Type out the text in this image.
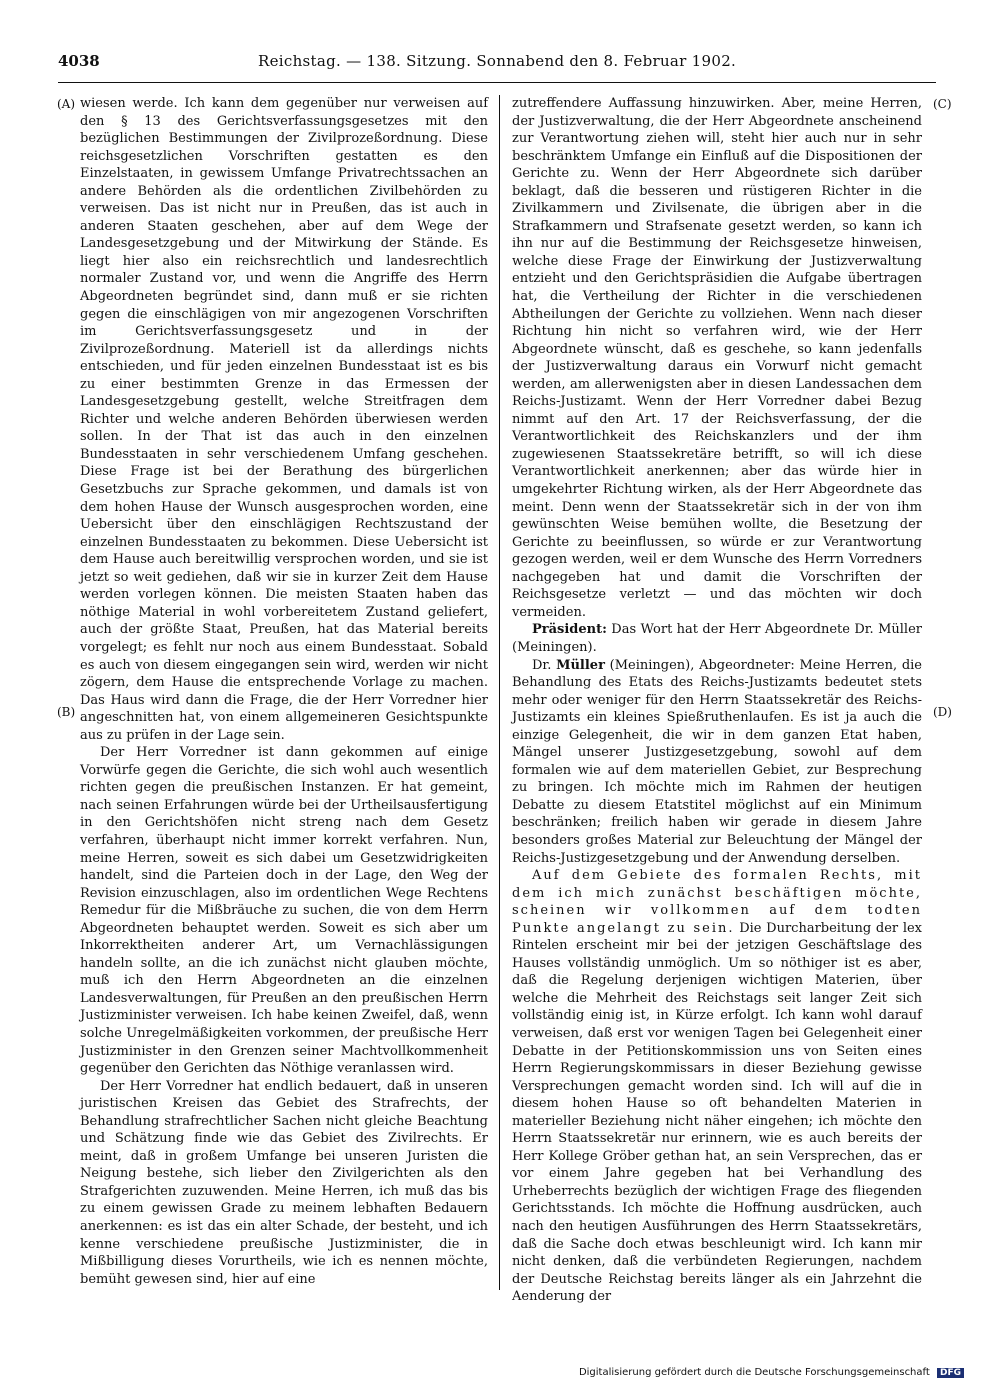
4038	Reichstag. — 138. Sitzung. Sonnabend den 8. Februar 1902.
(A)
(B)
(C)
(D)

wiesen werde. Ich kann dem gegenüber nur verweisen auf den § 13 des Gerichtsverfassungsgesetzes mit den bezüglichen Bestimmungen der Zivilprozeßordnung. Diese reichsgesetzlichen Vorschriften gestatten es den Einzelstaaten, in gewissem Umfange Privatrechtssachen an andere Behörden als die ordentlichen Zivilbehörden zu verweisen. Das ist nicht nur in Preußen, das ist auch in anderen Staaten geschehen, aber auf dem Wege der Landesgesetzgebung und der Mitwirkung der Stände. Es liegt hier also ein reichsrechtlich und landesrechtlich normaler Zustand vor, und wenn die Angriffe des Herrn Abgeordneten begründet sind, dann muß er sie richten gegen die einschlägigen von mir angezogenen Vorschriften im Gerichtsverfassungsgesetz und in der Zivilprozeßordnung. Materiell ist da allerdings nichts entschieden, und für jeden einzelnen Bundesstaat ist es bis zu einer bestimmten Grenze in das Ermessen der Landesgesetzgebung gestellt, welche Streitfragen dem Richter und welche anderen Behörden überwiesen werden sollen. In der That ist das auch in den einzelnen Bundesstaaten in sehr verschiedenem Umfang geschehen. Diese Frage ist bei der Berathung des bürgerlichen Gesetzbuchs zur Sprache gekommen, und damals ist von dem hohen Hause der Wunsch ausgesprochen worden, eine Uebersicht über den einschlägigen Rechtszustand der einzelnen Bundesstaaten zu bekommen. Diese Uebersicht ist dem Hause auch bereitwillig versprochen worden, und sie ist jetzt so weit gediehen, daß wir sie in kurzer Zeit dem Hause werden vorlegen können. Die meisten Staaten haben das nöthige Material in wohl vorbereitetem Zustand geliefert, auch der größte Staat, Preußen, hat das Material bereits vorgelegt; es fehlt nur noch aus einem Bundesstaat. Sobald es auch von diesem eingegangen sein wird, werden wir nicht zögern, dem Hause die entsprechende Vorlage zu machen. Das Haus wird dann die Frage, die der Herr Vorredner hier angeschnitten hat, von einem allgemeineren Gesichtspunkte aus zu prüfen in der Lage sein.

Der Herr Vorredner ist dann gekommen auf einige Vorwürfe gegen die Gerichte, die sich wohl auch wesentlich richten gegen die preußischen Instanzen. Er hat gemeint, nach seinen Erfahrungen würde bei der Urtheilsausfertigung in den Gerichtshöfen nicht streng nach dem Gesetz verfahren, überhaupt nicht immer korrekt verfahren. Nun, meine Herren, soweit es sich dabei um Gesetzwidrigkeiten handelt, sind die Parteien doch in der Lage, den Weg der Revision einzuschlagen, also im ordentlichen Wege Rechtens Remedur für die Mißbräuche zu suchen, die von dem Herrn Abgeordneten behauptet werden. Soweit es sich aber um Inkorrektheiten anderer Art, um Vernachlässigungen handeln sollte, an die ich zunächst nicht glauben möchte, muß ich den Herrn Abgeordneten an die einzelnen Landesverwaltungen, für Preußen an den preußischen Herrn Justizminister verweisen. Ich habe keinen Zweifel, daß, wenn solche Unregelmäßigkeiten vorkommen, der preußische Herr Justizminister in den Grenzen seiner Machtvollkommenheit gegenüber den Gerichten das Nöthige veranlassen wird.

Der Herr Vorredner hat endlich bedauert, daß in unseren juristischen Kreisen das Gebiet des Strafrechts, der Behandlung strafrechtlicher Sachen nicht gleiche Beachtung und Schätzung finde wie das Gebiet des Zivilrechts. Er meint, daß in großem Umfange bei unseren Juristen die Neigung bestehe, sich lieber den Zivilgerichten als den Strafgerichten zuzuwenden. Meine Herren, ich muß das bis zu einem gewissen Grade zu meinem lebhaften Bedauern anerkennen: es ist das ein alter Schade, der besteht, und ich kenne verschiedene preußische Justizminister, die in Mißbilligung dieses Vorurtheils, wie ich es nennen möchte, bemüht gewesen sind, hier auf eine

zutreffendere Auffassung hinzuwirken. Aber, meine Herren, der Justizverwaltung, die der Herr Abgeordnete anscheinend zur Verantwortung ziehen will, steht hier auch nur in sehr beschränktem Umfange ein Einfluß auf die Dispositionen der Gerichte zu. Wenn der Herr Abgeordnete sich darüber beklagt, daß die besseren und rüstigeren Richter in die Zivilkammern und Zivilsenate, die übrigen aber in die Strafkammern und Strafsenate gesetzt werden, so kann ich ihn nur auf die Bestimmung der Reichsgesetze hinweisen, welche diese Frage der Einwirkung der Justizverwaltung entzieht und den Gerichtspräsidien die Aufgabe übertragen hat, die Vertheilung der Richter in die verschiedenen Abtheilungen der Gerichte zu vollziehen. Wenn nach dieser Richtung hin nicht so verfahren wird, wie der Herr Abgeordnete wünscht, daß es geschehe, so kann jedenfalls der Justizverwaltung daraus ein Vorwurf nicht gemacht werden, am allerwenigsten aber in diesen Landessachen dem Reichs-Justizamt. Wenn der Herr Vorredner dabei Bezug nimmt auf den Art. 17 der Reichsverfassung, der die Verantwortlichkeit des Reichskanzlers und der ihm zugewiesenen Staatssekretäre betrifft, so will ich diese Verantwortlichkeit anerkennen; aber das würde hier in umgekehrter Richtung wirken, als der Herr Abgeordnete das meint. Denn wenn der Staatssekretär sich in der von ihm gewünschten Weise bemühen wollte, die Besetzung der Gerichte zu beeinflussen, so würde er zur Verantwortung gezogen werden, weil er dem Wunsche des Herrn Vorredners nachgegeben hat und damit die Vorschriften der Reichsgesetze verletzt — und das möchten wir doch vermeiden.

Präsident: Das Wort hat der Herr Abgeordnete Dr. Müller (Meiningen).

Dr. Müller (Meiningen), Abgeordneter: Meine Herren, die Behandlung des Etats des Reichs-Justizamts bedeutet stets mehr oder weniger für den Herrn Staatssekretär des Reichs-Justizamts ein kleines Spießruthenlaufen. Es ist ja auch die einzige Gelegenheit, die wir in dem ganzen Etat haben, Mängel unserer Justizgesetzgebung, sowohl auf dem formalen wie auf dem materiellen Gebiet, zur Besprechung zu bringen. Ich möchte mich im Rahmen der heutigen Debatte zu diesem Etatstitel möglichst auf ein Minimum beschränken; freilich haben wir gerade in diesem Jahre besonders großes Material zur Beleuchtung der Mängel der Reichs-Justizgesetzgebung und der Anwendung derselben.

Auf dem Gebiete des formalen Rechts, mit dem ich mich zunächst beschäftigen möchte, scheinen wir vollkommen auf dem todten Punkte angelangt zu sein. Die Durcharbeitung der lex Rintelen erscheint mir bei der jetzigen Geschäftslage des Hauses vollständig unmöglich. Um so nöthiger ist es aber, daß die Regelung derjenigen wichtigen Materien, über welche die Mehrheit des Reichstags seit langer Zeit sich vollständig einig ist, in Kürze erfolgt. Ich kann wohl darauf verweisen, daß erst vor wenigen Tagen bei Gelegenheit einer Debatte in der Petitionskommission uns von Seiten eines Herrn Regierungskommissars in dieser Beziehung gewisse Versprechungen gemacht worden sind. Ich will auf die in diesem hohen Hause so oft behandelten Materien in materieller Beziehung nicht näher eingehen; ich möchte den Herrn Staatssekretär nur erinnern, wie es auch bereits der Herr Kollege Gröber gethan hat, an sein Versprechen, das er vor einem Jahre gegeben hat bei Verhandlung des Urheberrechts bezüglich der wichtigen Frage des fliegenden Gerichtsstands. Ich möchte die Hoffnung ausdrücken, auch nach den heutigen Ausführungen des Herrn Staatssekretärs, daß die Sache doch etwas beschleunigt wird. Ich kann mir nicht denken, daß die verbündeten Regierungen, nachdem der Deutsche Reichstag bereits länger als ein Jahrzehnt die Aenderung der

Digitalisierung gefördert durch die Deutsche Forschungsgemeinschaft DFG
